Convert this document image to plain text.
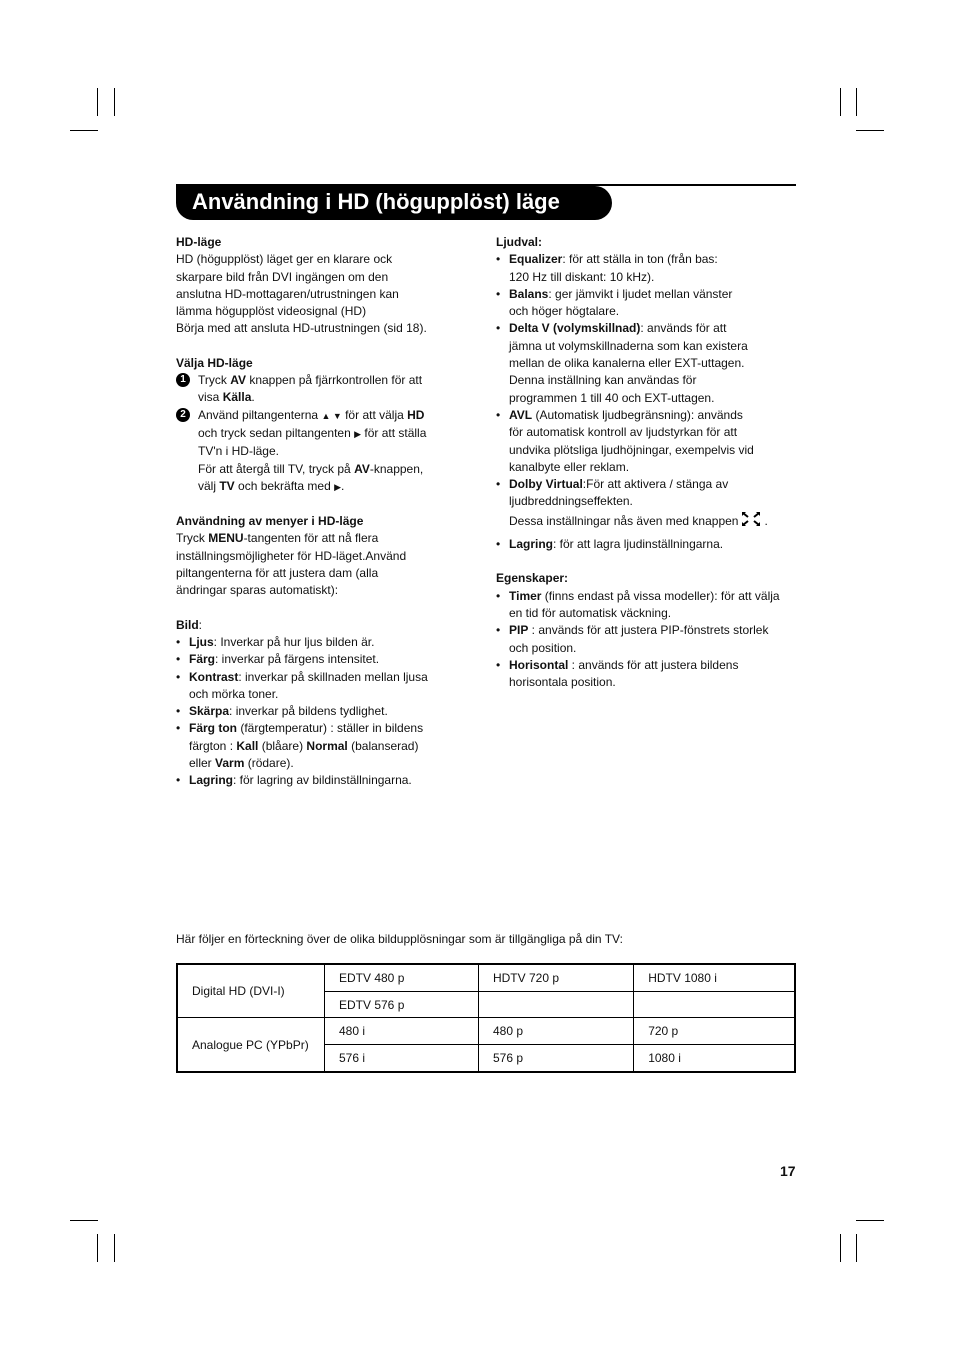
Användning i HD (högupplöst) läge

HD-läge

HD (högupplöst) läget ger en klarare ock

skarpare bild från DVI ingängen om den

anslutna HD-mottagaren/utrustningen kan

lämma högupplöst videosignal (HD)

Börja med att ansluta HD-utrustningen (sid 18).

Välja HD-läge

1	Tryck AV knappen på fjärrkontrollen för att

visa Källa.

2	Använd piltangenterna ▲ ▼ för att välja HD

och tryck sedan piltangenten ▶ för att ställa

TV'n i HD-läge.

För att återgå till TV, tryck på AV-knappen,

välj TV och bekräfta med ▶.

Användning av menyer i HD-läge

Tryck MENU-tangenten för att nå flera

inställningsmöjligheter för HD-läget.Använd

piltangenterna för att justera dam (alla

ändringar sparas automatiskt):

Bild:

• Ljus: Inverkar på hur ljus bilden är.
• Färg: inverkar på färgens intensitet.
• Kontrast: inverkar på skillnaden mellan ljusa
och mörka toner.
• Skärpa: inverkar på bildens tydlighet.
• Färg ton (färgtemperatur) : ställer in bildens
färgton : Kall (blåare) Normal (balanserad)
eller Varm (rödare).
• Lagring: för lagring av bildinställningarna.

Ljudval:

• Equalizer: för att ställa in ton (från bas:
120 Hz till diskant: 10 kHz).
• Balans: ger jämvikt i ljudet mellan vänster
och höger högtalare.
• Delta V (volymskillnad): används för att
jämna ut volymskillnaderna som kan existera
mellan de olika kanalerna eller EXT-uttagen.
Denna inställning kan användas för
programmen 1 till 40 och EXT-uttagen.
• AVL (Automatisk ljudbegränsning): används
för automatisk kontroll av ljudstyrkan för att
undvika plötsliga ljudhöjningar, exempelvis vid
kanalbyte eller reklam.
• Dolby Virtual:För att aktivera / stänga av
ljudbreddningseffekten.

Dessa inställningar nås även med knappen .

• Lagring: för att lagra ljudinställningarna.

Egenskaper:

• Timer (finns endast på vissa modeller): för att välja
en tid för automatisk väckning.
• PIP : används för att justera PIP-fönstrets storlek
och position.
• Horisontal : används för att justera bildens
horisontala position.

Här följer en förteckning över de olika bildupplösningar som är tillgängliga på din TV:

Digital HD (DVI-I)	EDTV 480 p	HDTV 720 p	HDTV 1080 i
	EDTV 576 p		
Analogue PC (YPbPr)	480 i	480 p	720 p
	576 i	576 p	1080 i
17
